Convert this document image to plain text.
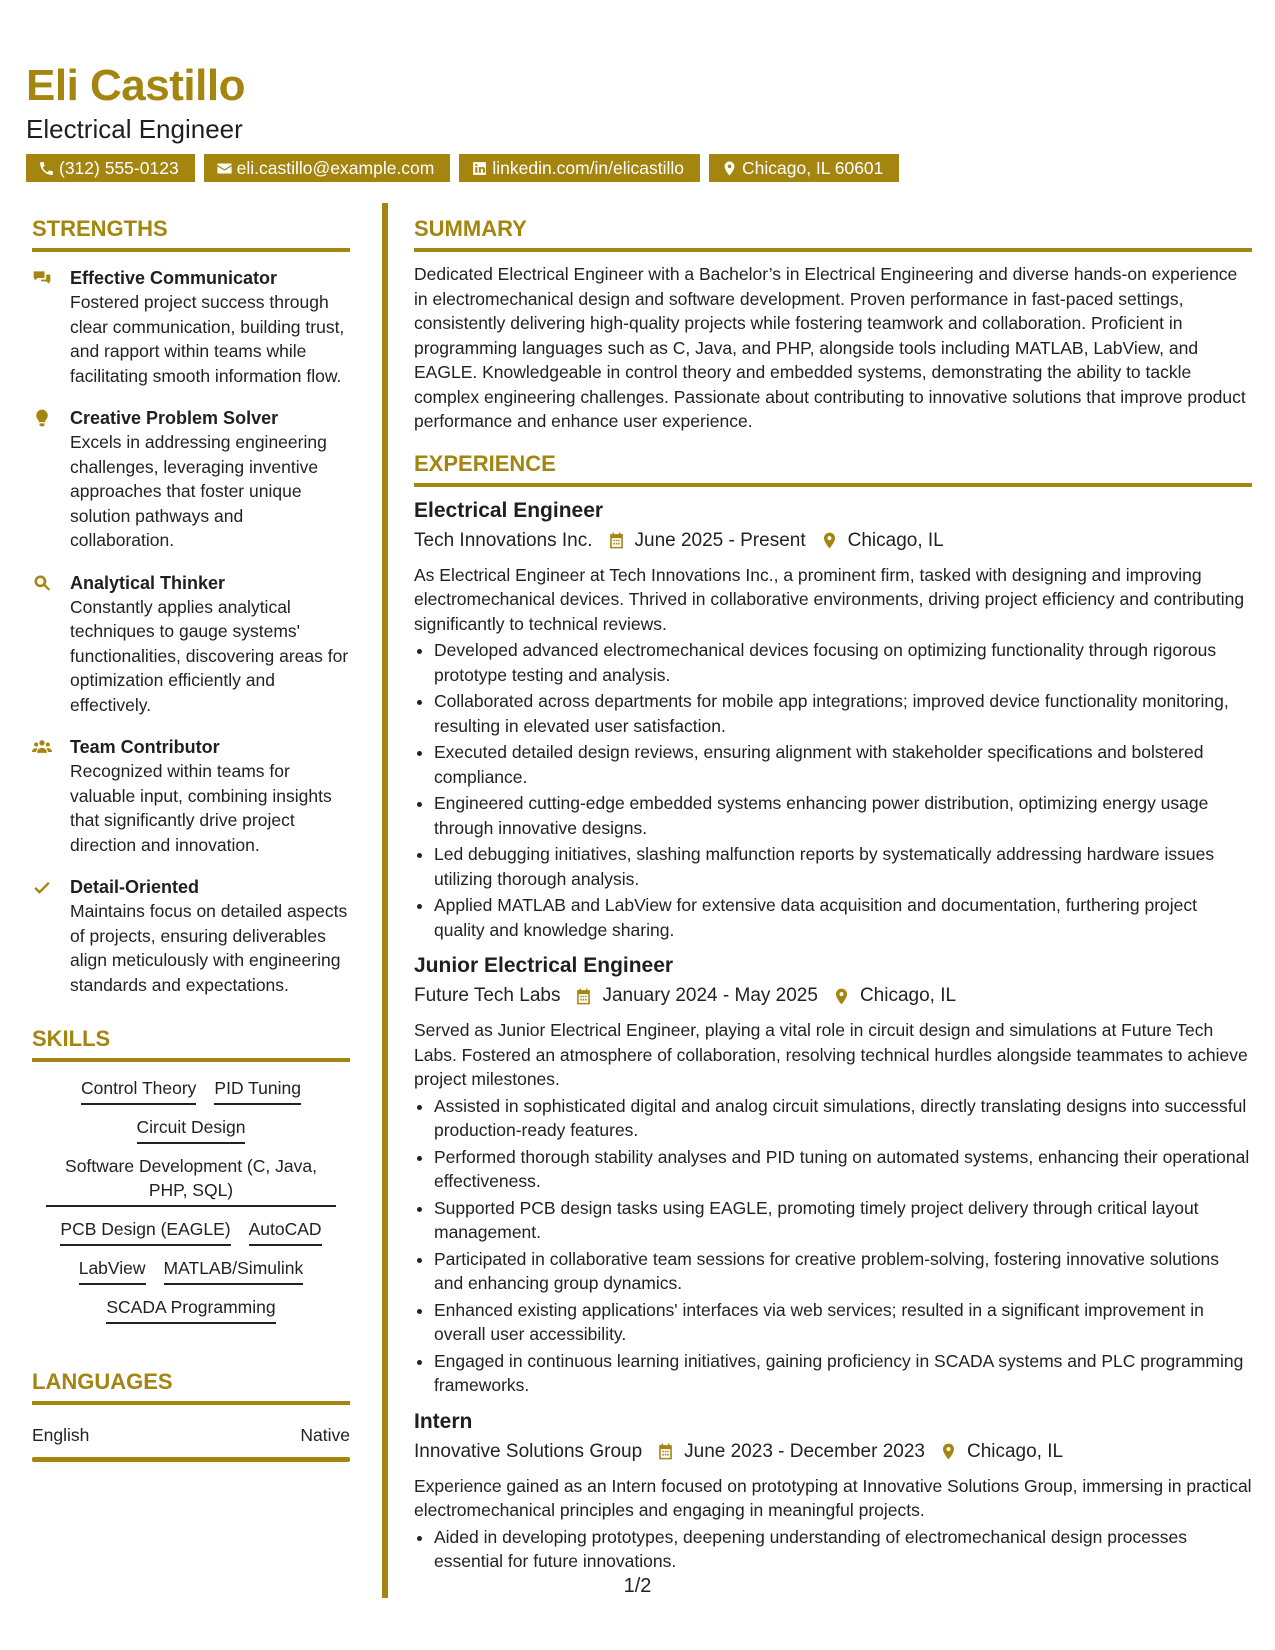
Eli Castillo
Electrical Engineer
(312) 555-0123	eli.castillo@example.com	linkedin.com/in/elicastillo	Chicago, IL 60601
STRENGTHS
Effective Communicator
Fostered project success through clear communication, building trust, and rapport within teams while facilitating smooth information flow.
Creative Problem Solver
Excels in addressing engineering challenges, leveraging inventive approaches that foster unique solution pathways and collaboration.
Analytical Thinker
Constantly applies analytical techniques to gauge systems' functionalities, discovering areas for optimization efficiently and effectively.
Team Contributor
Recognized within teams for valuable input, combining insights that significantly drive project direction and innovation.
Detail-Oriented
Maintains focus on detailed aspects of projects, ensuring deliverables align meticulously with engineering standards and expectations.
SKILLS
Control Theory PID Tuning
Circuit Design
Software Development (C, Java, PHP, SQL)
PCB Design (EAGLE) AutoCAD
LabView MATLAB/Simulink
SCADA Programming
LANGUAGES
English	Native
SUMMARY

Dedicated Electrical Engineer with a Bachelor’s in Electrical Engineering and diverse hands-on experience in electromechanical design and software development. Proven performance in fast-paced settings, consistently delivering high-quality projects while fostering teamwork and collaboration. Proficient in programming languages such as C, Java, and PHP, alongside tools including MATLAB, LabView, and EAGLE. Knowledgeable in control theory and embedded systems, demonstrating the ability to tackle complex engineering challenges. Passionate about contributing to innovative solutions that improve product performance and enhance user experience.

EXPERIENCE
Electrical Engineer
Tech Innovations Inc. June 2025 - Present Chicago, IL
As Electrical Engineer at Tech Innovations Inc., a prominent firm, tasked with designing and improving electromechanical devices. Thrived in collaborative environments, driving project efficiency and contributing significantly to technical reviews.
• Developed advanced electromechanical devices focusing on optimizing functionality through rigorous prototype testing and analysis.
• Collaborated across departments for mobile app integrations; improved device functionality monitoring, resulting in elevated user satisfaction.
• Executed detailed design reviews, ensuring alignment with stakeholder specifications and bolstered compliance.
• Engineered cutting-edge embedded systems enhancing power distribution, optimizing energy usage through innovative designs.
• Led debugging initiatives, slashing malfunction reports by systematically addressing hardware issues utilizing thorough analysis.
• Applied MATLAB and LabView for extensive data acquisition and documentation, furthering project quality and knowledge sharing.
Junior Electrical Engineer
Future Tech Labs January 2024 - May 2025 Chicago, IL
Served as Junior Electrical Engineer, playing a vital role in circuit design and simulations at Future Tech Labs. Fostered an atmosphere of collaboration, resolving technical hurdles alongside teammates to achieve project milestones.
• Assisted in sophisticated digital and analog circuit simulations, directly translating designs into successful production-ready features.
• Performed thorough stability analyses and PID tuning on automated systems, enhancing their operational effectiveness.
• Supported PCB design tasks using EAGLE, promoting timely project delivery through critical layout management.
• Participated in collaborative team sessions for creative problem-solving, fostering innovative solutions and enhancing group dynamics.
• Enhanced existing applications' interfaces via web services; resulted in a significant improvement in overall user accessibility.
• Engaged in continuous learning initiatives, gaining proficiency in SCADA systems and PLC programming frameworks.
Intern
Innovative Solutions Group June 2023 - December 2023 Chicago, IL
Experience gained as an Intern focused on prototyping at Innovative Solutions Group, immersing in practical electromechanical principles and engaging in meaningful projects.
• Aided in developing prototypes, deepening understanding of electromechanical design processes essential for future innovations.
1/2
